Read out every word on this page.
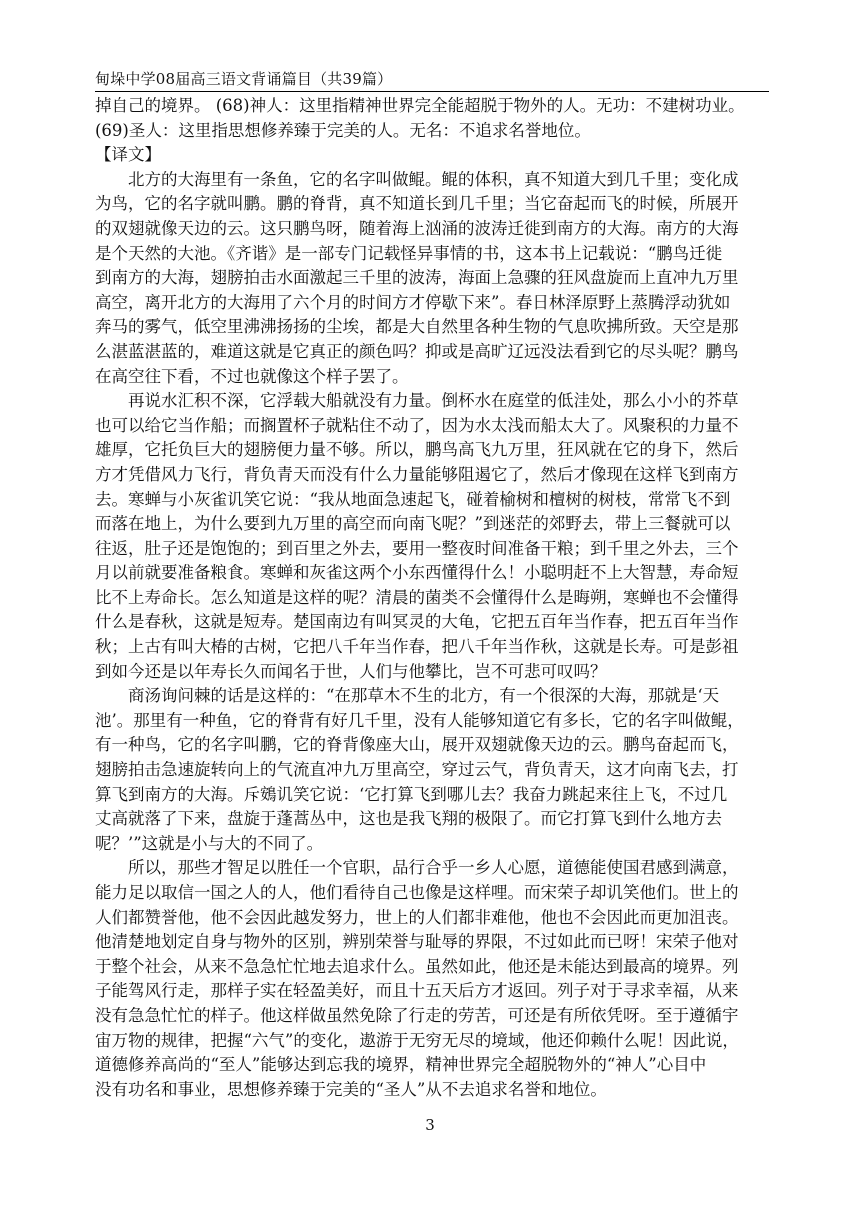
甸垛中学08届高三语文背诵篇目（共39篇）
掉自己的境界。 (68)神人：这里指精神世界完全能超脱于物外的人。无功：不建树功业。
(69)圣人：这里指思想修养臻于完美的人。无名：不追求名誉地位。
【译文】
北方的大海里有一条鱼，它的名字叫做鲲。鲲的体积，真不知道大到几千里；变化成
为鸟，它的名字就叫鹏。鹏的脊背，真不知道长到几千里；当它奋起而飞的时候，所展开
的双翅就像天边的云。这只鹏鸟呀，随着海上汹涌的波涛迁徙到南方的大海。南方的大海
是个天然的大池。《齐谐》是一部专门记载怪异事情的书，这本书上记载说：“鹏鸟迁徙
到南方的大海，翅膀拍击水面激起三千里的波涛，海面上急骤的狂风盘旋而上直冲九万里
高空，离开北方的大海用了六个月的时间方才停歇下来”。春日林泽原野上蒸腾浮动犹如
奔马的雾气，低空里沸沸扬扬的尘埃，都是大自然里各种生物的气息吹拂所致。天空是那
么湛蓝湛蓝的，难道这就是它真正的颜色吗？抑或是高旷辽远没法看到它的尽头呢？鹏鸟
在高空往下看，不过也就像这个样子罢了。
再说水汇积不深，它浮载大船就没有力量。倒杯水在庭堂的低洼处，那么小小的芥草
也可以给它当作船；而搁置杯子就粘住不动了，因为水太浅而船太大了。风聚积的力量不
雄厚，它托负巨大的翅膀便力量不够。所以，鹏鸟高飞九万里，狂风就在它的身下，然后
方才凭借风力飞行，背负青天而没有什么力量能够阻遏它了，然后才像现在这样飞到南方
去。寒蝉与小灰雀讥笑它说：“我从地面急速起飞，碰着榆树和檀树的树枝，常常飞不到
而落在地上，为什么要到九万里的高空而向南飞呢？”到迷茫的郊野去，带上三餐就可以
往返，肚子还是饱饱的；到百里之外去，要用一整夜时间准备干粮；到千里之外去，三个
月以前就要准备粮食。寒蝉和灰雀这两个小东西懂得什么！小聪明赶不上大智慧，寿命短
比不上寿命长。怎么知道是这样的呢？清晨的菌类不会懂得什么是晦朔，寒蝉也不会懂得
什么是春秋，这就是短寿。楚国南边有叫冥灵的大龟，它把五百年当作春，把五百年当作
秋；上古有叫大椿的古树，它把八千年当作春，把八千年当作秋，这就是长寿。可是彭祖
到如今还是以年寿长久而闻名于世，人们与他攀比，岂不可悲可叹吗？
商汤询问棘的话是这样的：“在那草木不生的北方，有一个很深的大海，那就是‘天
池’。那里有一种鱼，它的脊背有好几千里，没有人能够知道它有多长，它的名字叫做鲲，
有一种鸟，它的名字叫鹏，它的脊背像座大山，展开双翅就像天边的云。鹏鸟奋起而飞，
翅膀拍击急速旋转向上的气流直冲九万里高空，穿过云气，背负青天，这才向南飞去，打
算飞到南方的大海。斥鴳讥笑它说：‘它打算飞到哪儿去？我奋力跳起来往上飞，不过几
丈高就落了下来，盘旋于蓬蒿丛中，这也是我飞翔的极限了。而它打算飞到什么地方去
呢？’”这就是小与大的不同了。
所以，那些才智足以胜任一个官职，品行合乎一乡人心愿，道德能使国君感到满意，
能力足以取信一国之人的人，他们看待自己也像是这样哩。而宋荣子却讥笑他们。世上的
人们都赞誉他，他不会因此越发努力，世上的人们都非难他，他也不会因此而更加沮丧。
他清楚地划定自身与物外的区别，辨别荣誉与耻辱的界限，不过如此而已呀！宋荣子他对
于整个社会，从来不急急忙忙地去追求什么。虽然如此，他还是未能达到最高的境界。列
子能驾风行走，那样子实在轻盈美好，而且十五天后方才返回。列子对于寻求幸福，从来
没有急急忙忙的样子。他这样做虽然免除了行走的劳苦，可还是有所依凭呀。至于遵循宇
宙万物的规律，把握“六气”的变化，遨游于无穷无尽的境域，他还仰赖什么呢！因此说，
道德修养高尚的“至人”能够达到忘我的境界，精神世界完全超脱物外的“神人”心目中
没有功名和事业，思想修养臻于完美的“圣人”从不去追求名誉和地位。
3
